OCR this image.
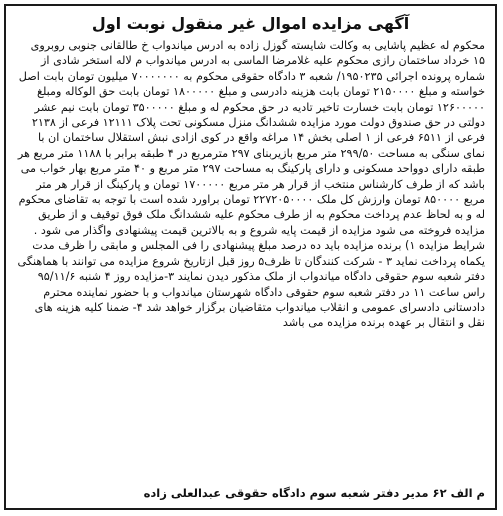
آگهی مزایده اموال غیر منقول نوبت اول

محکوم له عظیم پاشایی به وکالت شایسته گوزل زاده به ادرس میاندواب خ طالقانی جنوبی روبروی ۱۵ خرداد ساختمان رازی محکوم علیه غلامرضا الماسی به ادرس میاندواب م لاله استخر شادی از شماره پرونده اجرائی ۱۹۵۰۲۳۵/ شعبه ۳ دادگاه حقوقی محکوم به ۷۰۰۰۰۰۰۰ میلیون تومان بابت اصل خواسته و مبلغ ۲۱۵۰۰۰۰ تومان بابت هزینه دادرسی و مبلغ ۱۸۰۰۰۰۰ تومان بابت حق الوکاله ومبلغ ۱۲۶۰۰۰۰۰ تومان بابت خسارت تاخیر تادیه در حق محکوم له و مبلغ ۳۵۰۰۰۰۰ تومان بابت نیم عشر دولتی در حق صندوق دولت مورد مزایده ششدانگ منزل مسکونی تحت پلاک ۱۲۱۱۱ فرعی از ۲۱۳۸ فرعی از ۶۵۱۱ فرعی از ۱ اصلی بخش ۱۴ مراغه واقع در کوی ازادی نبش استقلال ساختمان ان با نمای سنگی به مساحت ۲۹۹/۵۰ متر مربع بازیربنای ۲۹۷ مترمربع در ۴ طبقه برابر با ۱۱۸۸ متر مربع هر طبقه دارای دوواحد مسکونی و دارای پارکینگ به مساحت ۲۹۷ متر مربع و ۴۰ متر مربع بهار خواب می باشد که از طرف کارشناس منتخب از قرار هر متر مربع ۱۷۰۰۰۰۰ تومان و پارکینگ از قرار هر متر مربع ۸۵۰۰۰۰ تومان وارزش کل ملک ۲۲۷۲۰۵۰۰۰۰ تومان براورد شده است با توجه به تقاضای محکوم له و به لحاظ عدم پرداخت محکوم به از طرف محکوم علیه ششدانگ ملک فوق توقیف و از طریق مزایده فروخته می شود مزایده از قیمت پایه شروع و به بالاترین قیمت پیشنهادی واگذار می شود .

شرایط مزایده ۱) برنده مزایده باید ده درصد مبلغ پیشنهادی را فی المجلس و مابقی را ظرف مدت یکماه پرداخت نماید ۳ - شرکت کنندگان تا ظرف۵ روز قبل ازتاریخ شروع مزایده می توانند با هماهنگی دفتر شعبه سوم حقوقی دادگاه میاندواب از ملک مذکور دیدن نمایند ۳-مزایده روز ۴ شنبه ۹۵/۱۱/۶ راس ساعت ۱۱ در دفتر شعبه سوم حقوقی دادگاه شهرستان میاندواب و با حضور نماینده محترم دادستانی دادسرای عمومی و انقلاب میاندواب متقاضیان برگزار خواهد شد ۴- ضمنا کلیه هزینه های نقل و انتقال بر عهده برنده مزایده می باشد

م الف ۶۲ مدیر دفتر شعبه سوم دادگاه حقوقی عبدالعلی زاده
